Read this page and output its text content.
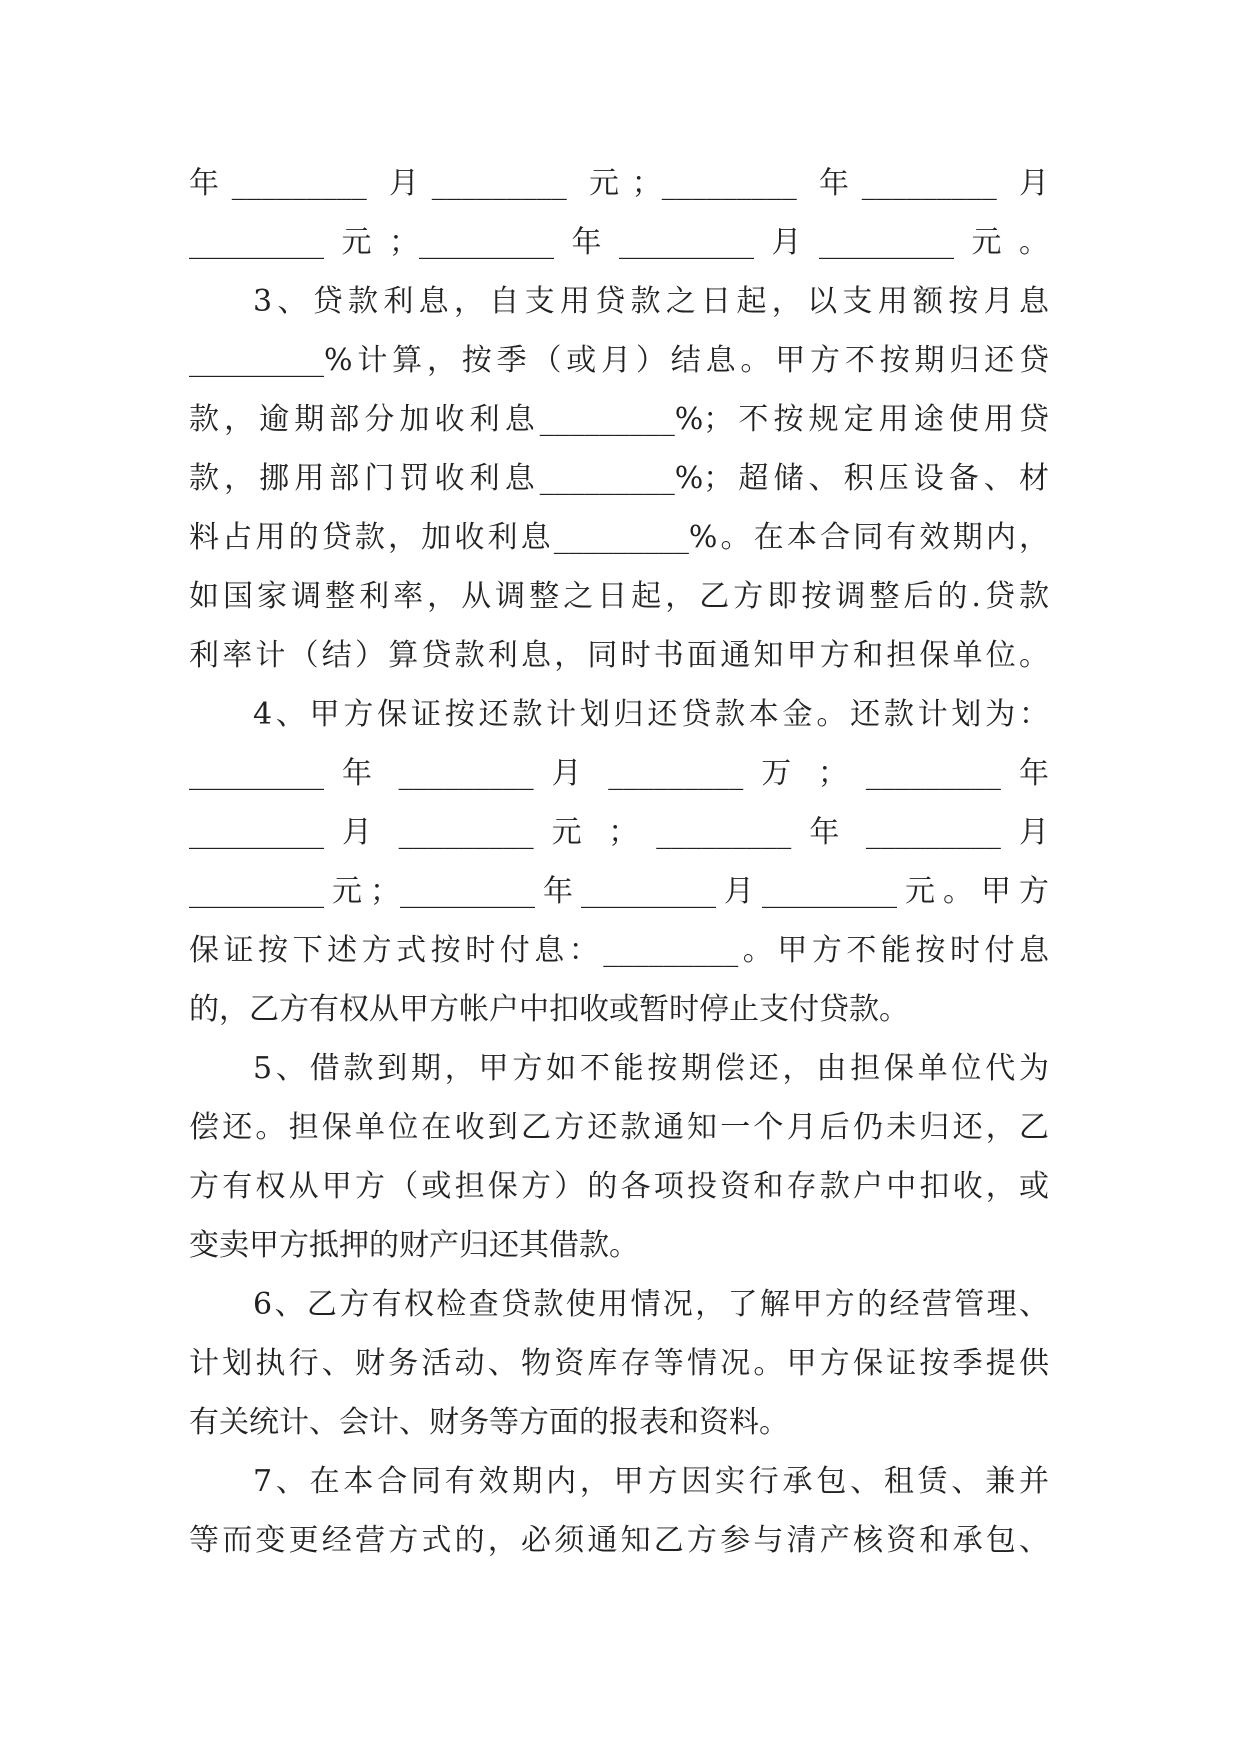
年_________ 月_________ 元；_________ 年_________ 月
_________元；_________年_________月_________元。
3、贷款利息，自支用贷款之日起，以支用额按月息
_________%计算，按季（或月）结息。甲方不按期归还贷
款，逾期部分加收利息_________%；不按规定用途使用贷
款，挪用部门罚收利息_________%；超储、积压设备、材
料占用的贷款，加收利息_________%。在本合同有效期内，
如国家调整利率，从调整之日起，乙方即按调整后的.贷款
利率计（结）算贷款利息，同时书面通知甲方和担保单位。
4、甲方保证按还款计划归还贷款本金。还款计划为：
_________ 年 _________ 月 _________ 万 ； _________ 年
_________ 月 _________ 元 ； _________ 年 _________ 月
_________元；_________年_________月_________元。甲方
保证按下述方式按时付息：_________。甲方不能按时付息
的，乙方有权从甲方帐户中扣收或暂时停止支付贷款。
5、借款到期，甲方如不能按期偿还，由担保单位代为
偿还。担保单位在收到乙方还款通知一个月后仍未归还，乙
方有权从甲方（或担保方）的各项投资和存款户中扣收，或
变卖甲方抵押的财产归还其借款。
6、乙方有权检查贷款使用情况，了解甲方的经营管理、
计划执行、财务活动、物资库存等情况。甲方保证按季提供
有关统计、会计、财务等方面的报表和资料。
7、在本合同有效期内，甲方因实行承包、租赁、兼并
等而变更经营方式的，必须通知乙方参与清产核资和承包、
